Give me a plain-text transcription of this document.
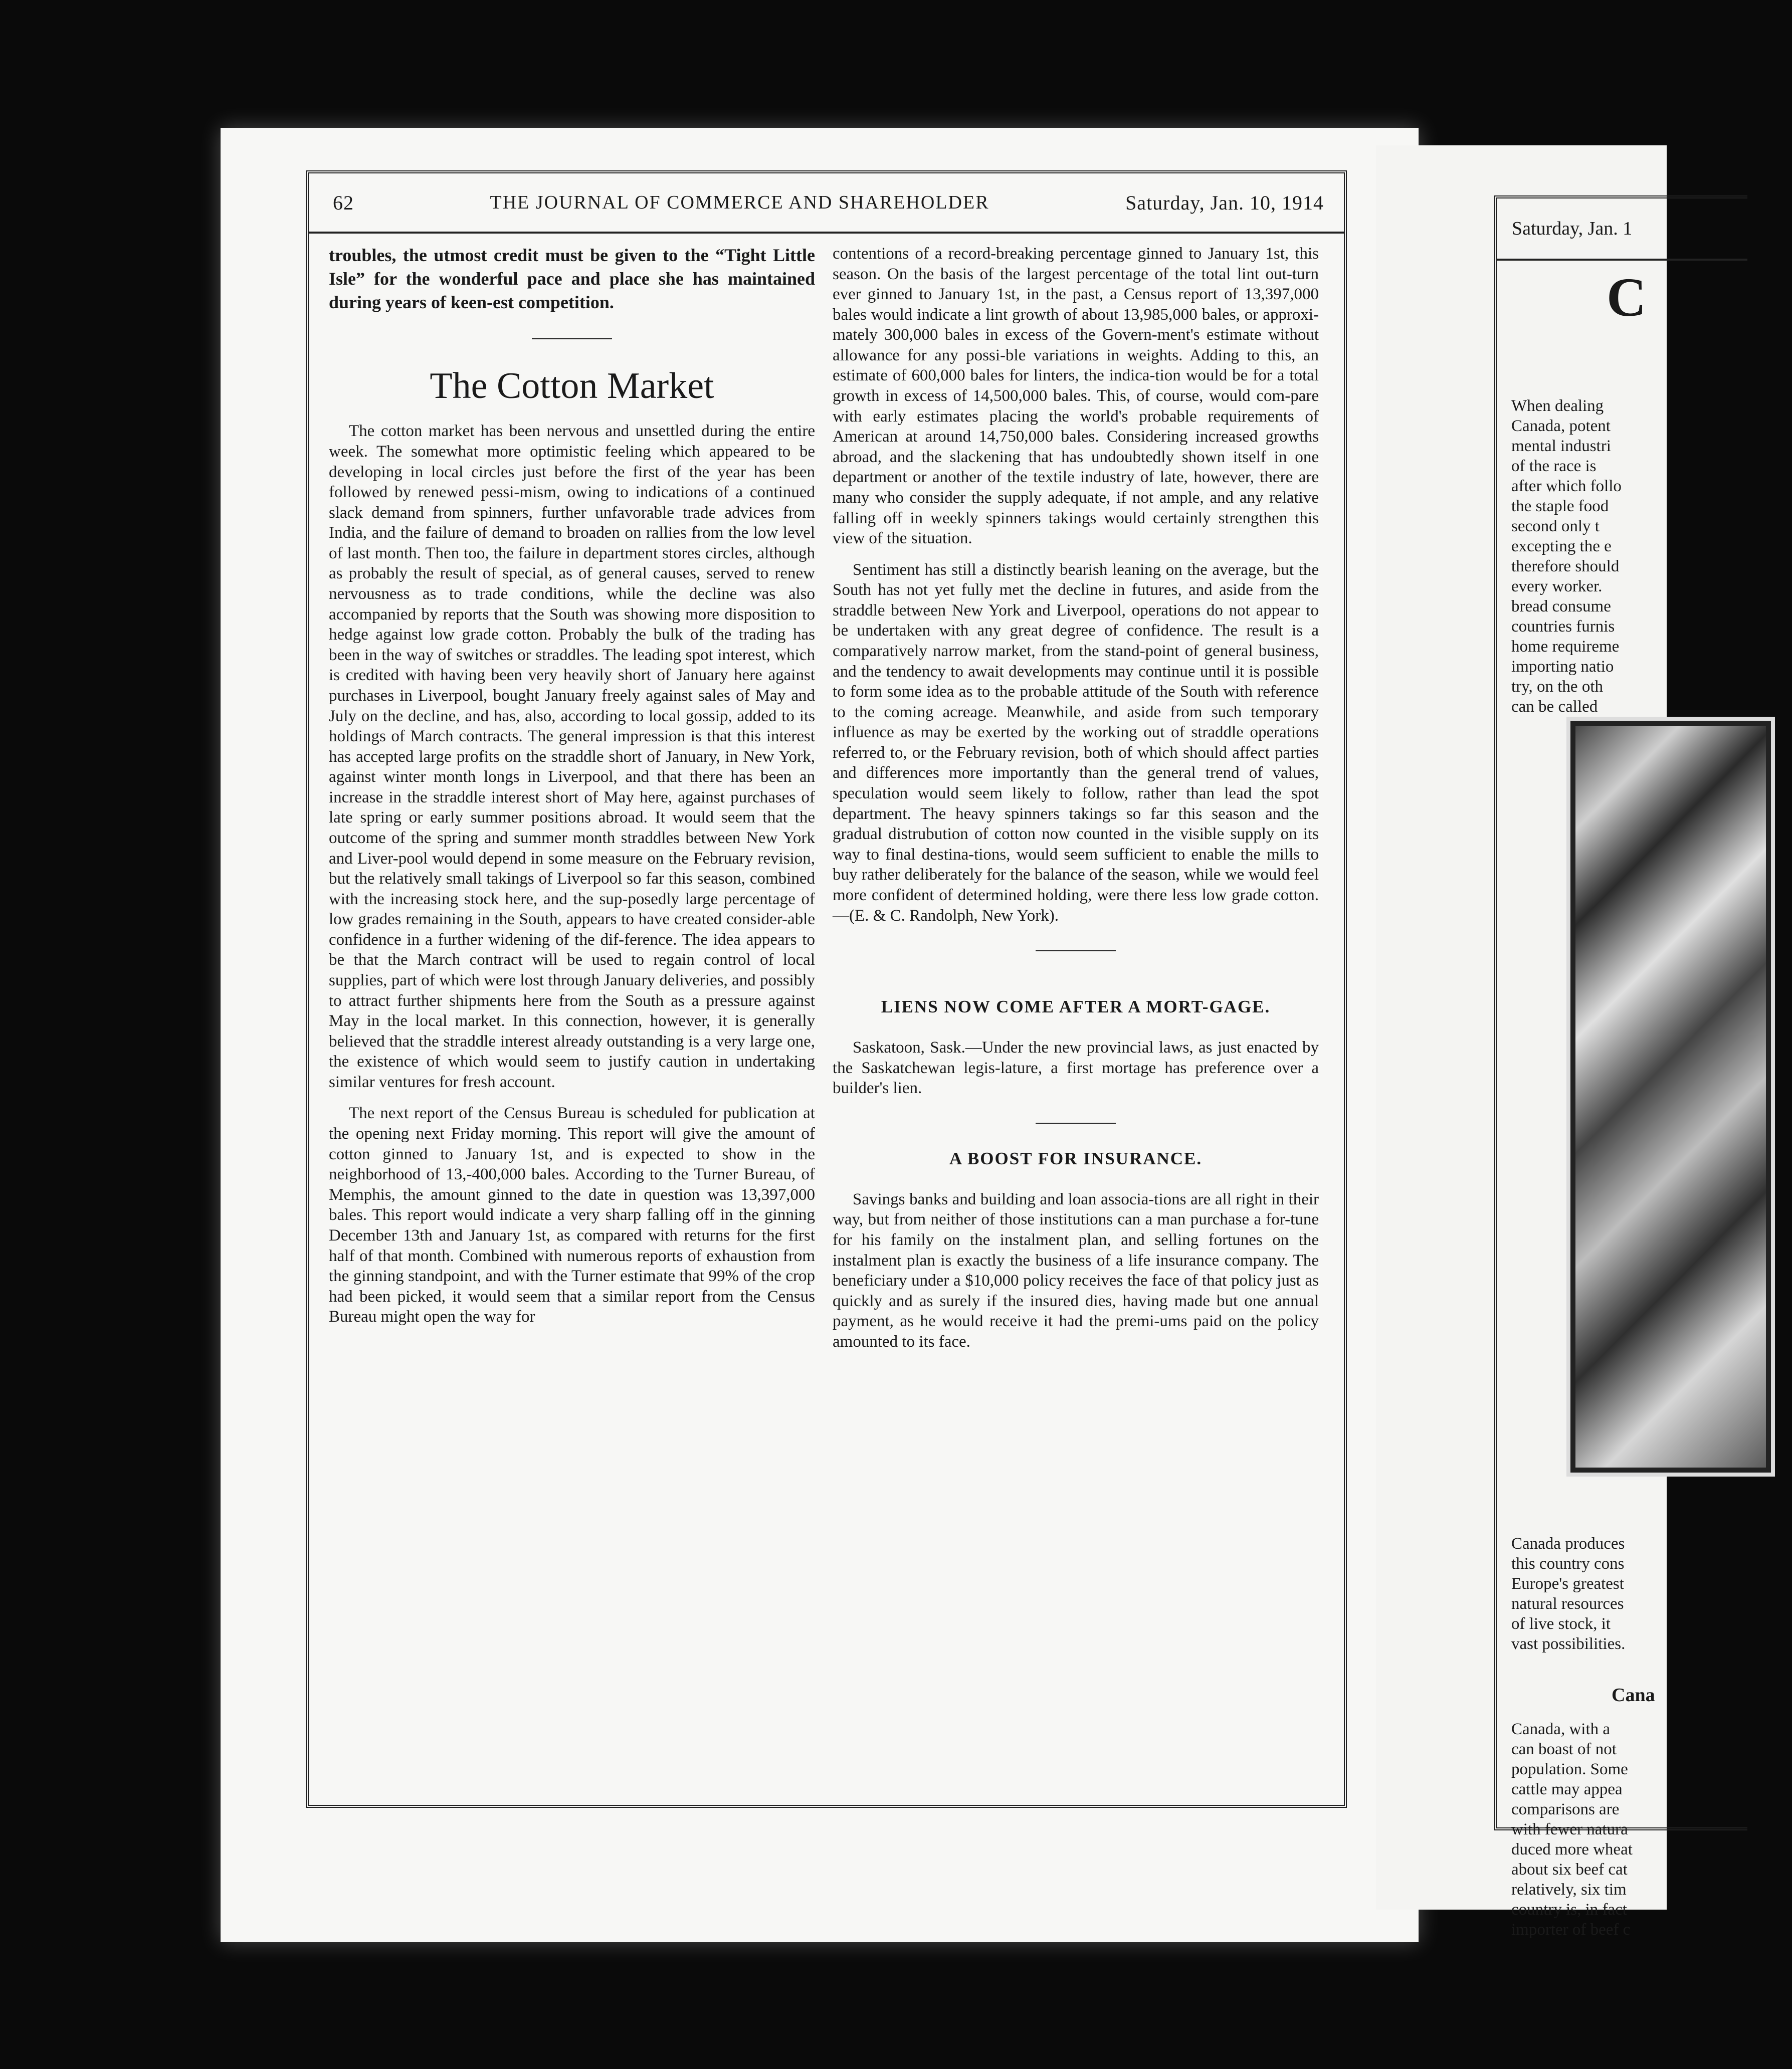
62	THE JOURNAL OF COMMERCE AND SHAREHOLDER	Saturday, Jan. 10, 1914

troubles, the utmost credit must be given to the “Tight Little Isle” for the wonderful pace and place she has maintained during years of keen-est competition.

The Cotton Market

The cotton market has been nervous and unsettled during the entire week. The somewhat more optimistic feeling which appeared to be developing in local circles just before the first of the year has been followed by renewed pessi-mism, owing to indications of a continued slack demand from spinners, further unfavorable trade advices from India, and the failure of demand to broaden on rallies from the low level of last month. Then too, the failure in department stores circles, although as probably the result of special, as of general causes, served to renew nervousness as to trade conditions, while the decline was also accompanied by reports that the South was showing more disposition to hedge against low grade cotton. Probably the bulk of the trading has been in the way of switches or straddles. The leading spot interest, which is credited with having been very heavily short of January here against purchases in Liverpool, bought January freely against sales of May and July on the decline, and has, also, according to local gossip, added to its holdings of March contracts. The general impression is that this interest has accepted large profits on the straddle short of January, in New York, against winter month longs in Liverpool, and that there has been an increase in the straddle interest short of May here, against purchases of late spring or early summer positions abroad. It would seem that the outcome of the spring and summer month straddles between New York and Liver-pool would depend in some measure on the February revision, but the relatively small takings of Liverpool so far this season, combined with the increasing stock here, and the sup-posedly large percentage of low grades remaining in the South, appears to have created consider-able confidence in a further widening of the dif-ference. The idea appears to be that the March contract will be used to regain control of local supplies, part of which were lost through January deliveries, and possibly to attract further shipments here from the South as a pressure against May in the local market. In this connection, however, it is generally believed that the straddle interest already outstanding is a very large one, the existence of which would seem to justify caution in undertaking similar ventures for fresh account.

The next report of the Census Bureau is scheduled for publication at the opening next Friday morning. This report will give the amount of cotton ginned to January 1st, and is expected to show in the neighborhood of 13,-400,000 bales. According to the Turner Bureau, of Memphis, the amount ginned to the date in question was 13,397,000 bales. This report would indicate a very sharp falling off in the ginning December 13th and January 1st, as compared with returns for the first half of that month. Combined with numerous reports of exhaustion from the ginning standpoint, and with the Turner estimate that 99% of the crop had been picked, it would seem that a similar report from the Census Bureau might open the way for

contentions of a record-breaking percentage ginned to January 1st, this season. On the basis of the largest percentage of the total lint out-turn ever ginned to January 1st, in the past, a Census report of 13,397,000 bales would indicate a lint growth of about 13,985,000 bales, or approxi-mately 300,000 bales in excess of the Govern-ment's estimate without allowance for any possi-ble variations in weights. Adding to this, an estimate of 600,000 bales for linters, the indica-tion would be for a total growth in excess of 14,500,000 bales. This, of course, would com-pare with early estimates placing the world's probable requirements of American at around 14,750,000 bales. Considering increased growths abroad, and the slackening that has undoubtedly shown itself in one department or another of the textile industry of late, however, there are many who consider the supply adequate, if not ample, and any relative falling off in weekly spinners takings would certainly strengthen this view of the situation.

Sentiment has still a distinctly bearish leaning on the average, but the South has not yet fully met the decline in futures, and aside from the straddle between New York and Liverpool, operations do not appear to be undertaken with any great degree of confidence. The result is a comparatively narrow market, from the stand-point of general business, and the tendency to await developments may continue until it is possible to form some idea as to the probable attitude of the South with reference to the coming acreage. Meanwhile, and aside from such temporary influence as may be exerted by the working out of straddle operations referred to, or the February revision, both of which should affect parties and differences more importantly than the general trend of values, speculation would seem likely to follow, rather than lead the spot department. The heavy spinners takings so far this season and the gradual distrubution of cotton now counted in the visible supply on its way to final destina-tions, would seem sufficient to enable the mills to buy rather deliberately for the balance of the season, while we would feel more confident of determined holding, were there less low grade cotton.—(E. & C. Randolph, New York).

LIENS NOW COME AFTER A MORT-GAGE.

Saskatoon, Sask.—Under the new provincial laws, as just enacted by the Saskatchewan legis-lature, a first mortage has preference over a builder's lien.

A BOOST FOR INSURANCE.

Savings banks and building and loan associa-tions are all right in their way, but from neither of those institutions can a man purchase a for-tune for his family on the instalment plan, and selling fortunes on the instalment plan is exactly the business of a life insurance company. The beneficiary under a $10,000 policy receives the face of that policy just as quickly and as surely if the insured dies, having made but one annual payment, as he would receive it had the premi-ums paid on the policy amounted to its face.

Saturday, Jan. 1
C
When dealing
Canada, potent
mental industri
of the race is
after which follo
the staple food
second only t
excepting the e
therefore should
every worker.
bread consume
countries furnis
home requireme
importing natio
try, on the oth
can be called
Canada produces
this country cons
Europe's greatest
natural resources
of live stock, it
vast possibilities.
Cana
Canada, with a
can boast of not
population. Some
cattle may appea
comparisons are
with fewer natura
duced more wheat
about six beef cat
relatively, six tim
country is, in fact
importer of beef c
